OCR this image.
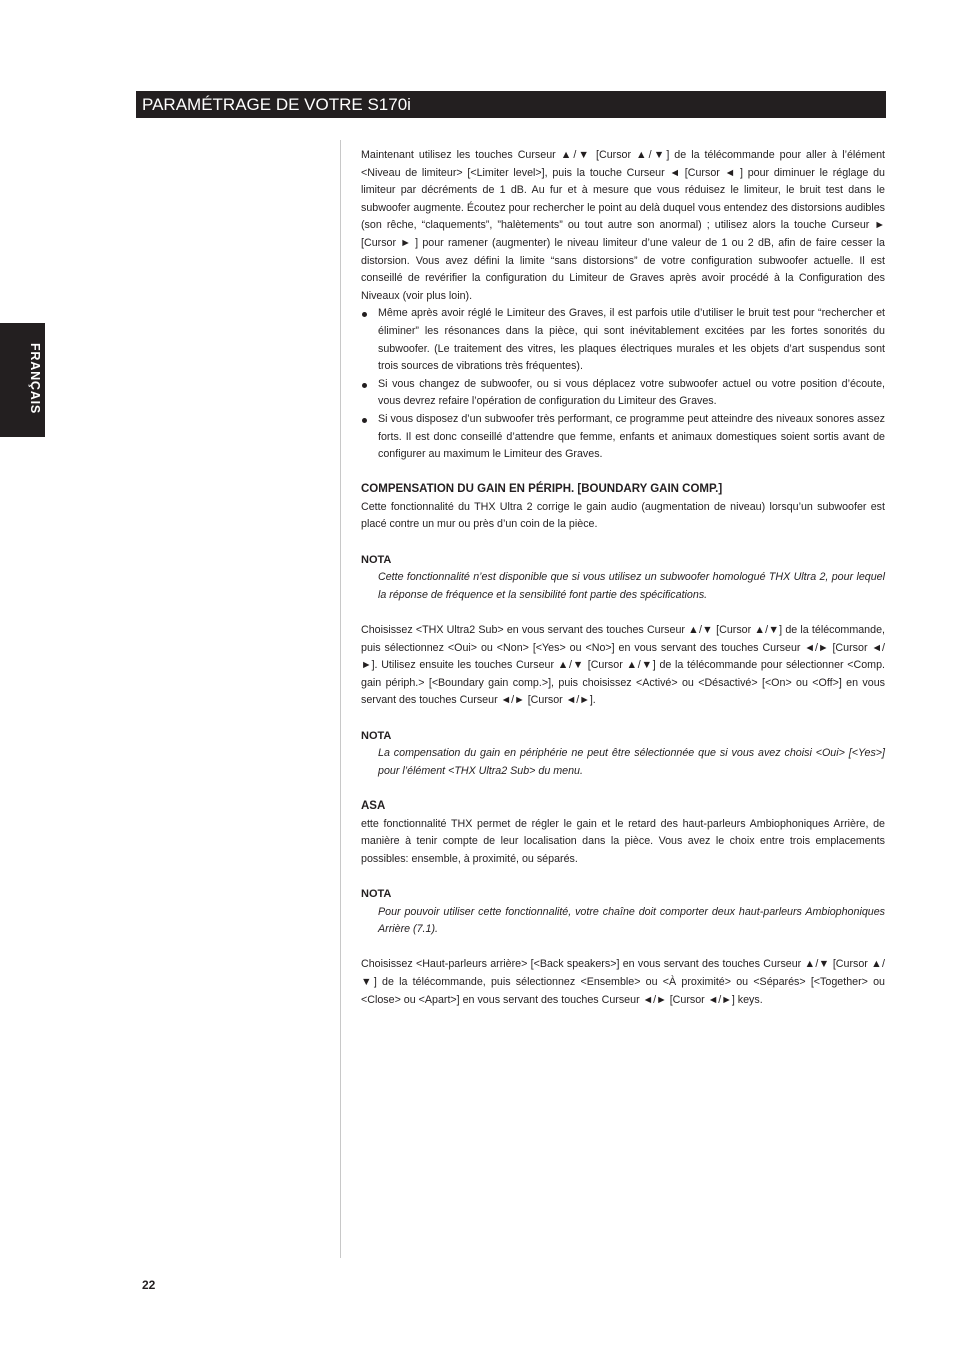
PARAMÉTRAGE DE VOTRE S170i
FRANÇAIS

Maintenant utilisez les touches Curseur ▲/▼ [Cursor ▲/▼] de la télécommande pour aller à l’élément <Niveau de limiteur> [<Limiter level>], puis la touche Curseur ◄ [Cursor ◄ ] pour diminuer le réglage du limiteur par décréments de 1 dB. Au fur et à mesure que vous réduisez le limiteur, le bruit test dans le subwoofer augmente. Écoutez pour rechercher le point au delà duquel vous entendez des distorsions audibles (son rêche, “claquements”, ”halètements” ou tout autre son anormal) ; utilisez alors la touche Curseur ► [Cursor ► ] pour ramener (augmenter) le niveau limiteur d’une valeur de 1 ou 2 dB, afin de faire cesser la distorsion. Vous avez défini la limite “sans distorsions” de votre configuration subwoofer actuelle. Il est conseillé de revérifier la configuration du Limiteur de Graves après avoir procédé à la Configuration des Niveaux (voir plus loin).

Même après avoir réglé le Limiteur des Graves, il est parfois utile d’utiliser le bruit test pour “rechercher et éliminer” les résonances dans la pièce, qui sont inévitablement excitées par les fortes sonorités du subwoofer. (Le traitement des vitres, les plaques électriques murales et les objets d’art suspendus sont trois sources de vibrations très fréquentes).
Si vous changez de subwoofer, ou si vous déplacez votre subwoofer actuel ou votre position d’écoute, vous devrez refaire l’opération de configuration du Limiteur des Graves.
Si vous disposez d’un subwoofer très performant, ce programme peut atteindre des niveaux sonores assez forts. Il est donc conseillé d’attendre que femme, enfants et animaux domestiques soient sortis avant de configurer au maximum le Limiteur des Graves.

COMPENSATION DU GAIN EN PÉRIPH. [BOUNDARY GAIN COMP.]

Cette fonctionnalité du THX Ultra 2 corrige le gain audio (augmentation de niveau) lorsqu’un subwoofer est placé contre un mur ou près d’un coin de la pièce.

NOTA

Cette fonctionnalité n’est disponible que si vous utilisez un subwoofer homologué THX Ultra 2, pour lequel la réponse de fréquence et la sensibilité font partie des spécifications.

Choisissez <THX Ultra2 Sub> en vous servant des touches Curseur ▲/▼ [Cursor ▲/▼] de la télécommande, puis sélectionnez <Oui> ou <Non> [<Yes> ou <No>] en vous servant des touches Curseur ◄/► [Cursor ◄/►]. Utilisez ensuite les touches Curseur ▲/▼ [Cursor ▲/▼] de la télécommande pour sélectionner <Comp. gain périph.> [<Boundary gain comp.>], puis choisissez <Activé> ou <Désactivé> [<On> ou <Off>] en vous servant des touches Curseur ◄/► [Cursor ◄/►].

NOTA

La compensation du gain en périphérie ne peut être sélectionnée que si vous avez choisi <Oui> [<Yes>] pour l’élément <THX Ultra2 Sub> du menu.

ASA

ette fonctionnalité THX permet de régler le gain et le retard des haut-parleurs Ambiophoniques Arrière, de manière à tenir compte de leur localisation dans la pièce. Vous avez le choix entre trois emplacements possibles: ensemble, à proximité, ou séparés.

NOTA

Pour pouvoir utiliser cette fonctionnalité, votre chaîne doit comporter deux haut-parleurs Ambiophoniques Arrière (7.1).

Choisissez <Haut-parleurs arrière> [<Back speakers>] en vous servant des touches Curseur ▲/▼ [Cursor ▲/▼] de la télécommande, puis sélectionnez <Ensemble> ou <À proximité> ou <Séparés> [<Together> ou <Close> ou <Apart>] en vous servant des touches Curseur ◄/► [Cursor ◄/►] keys.

22
